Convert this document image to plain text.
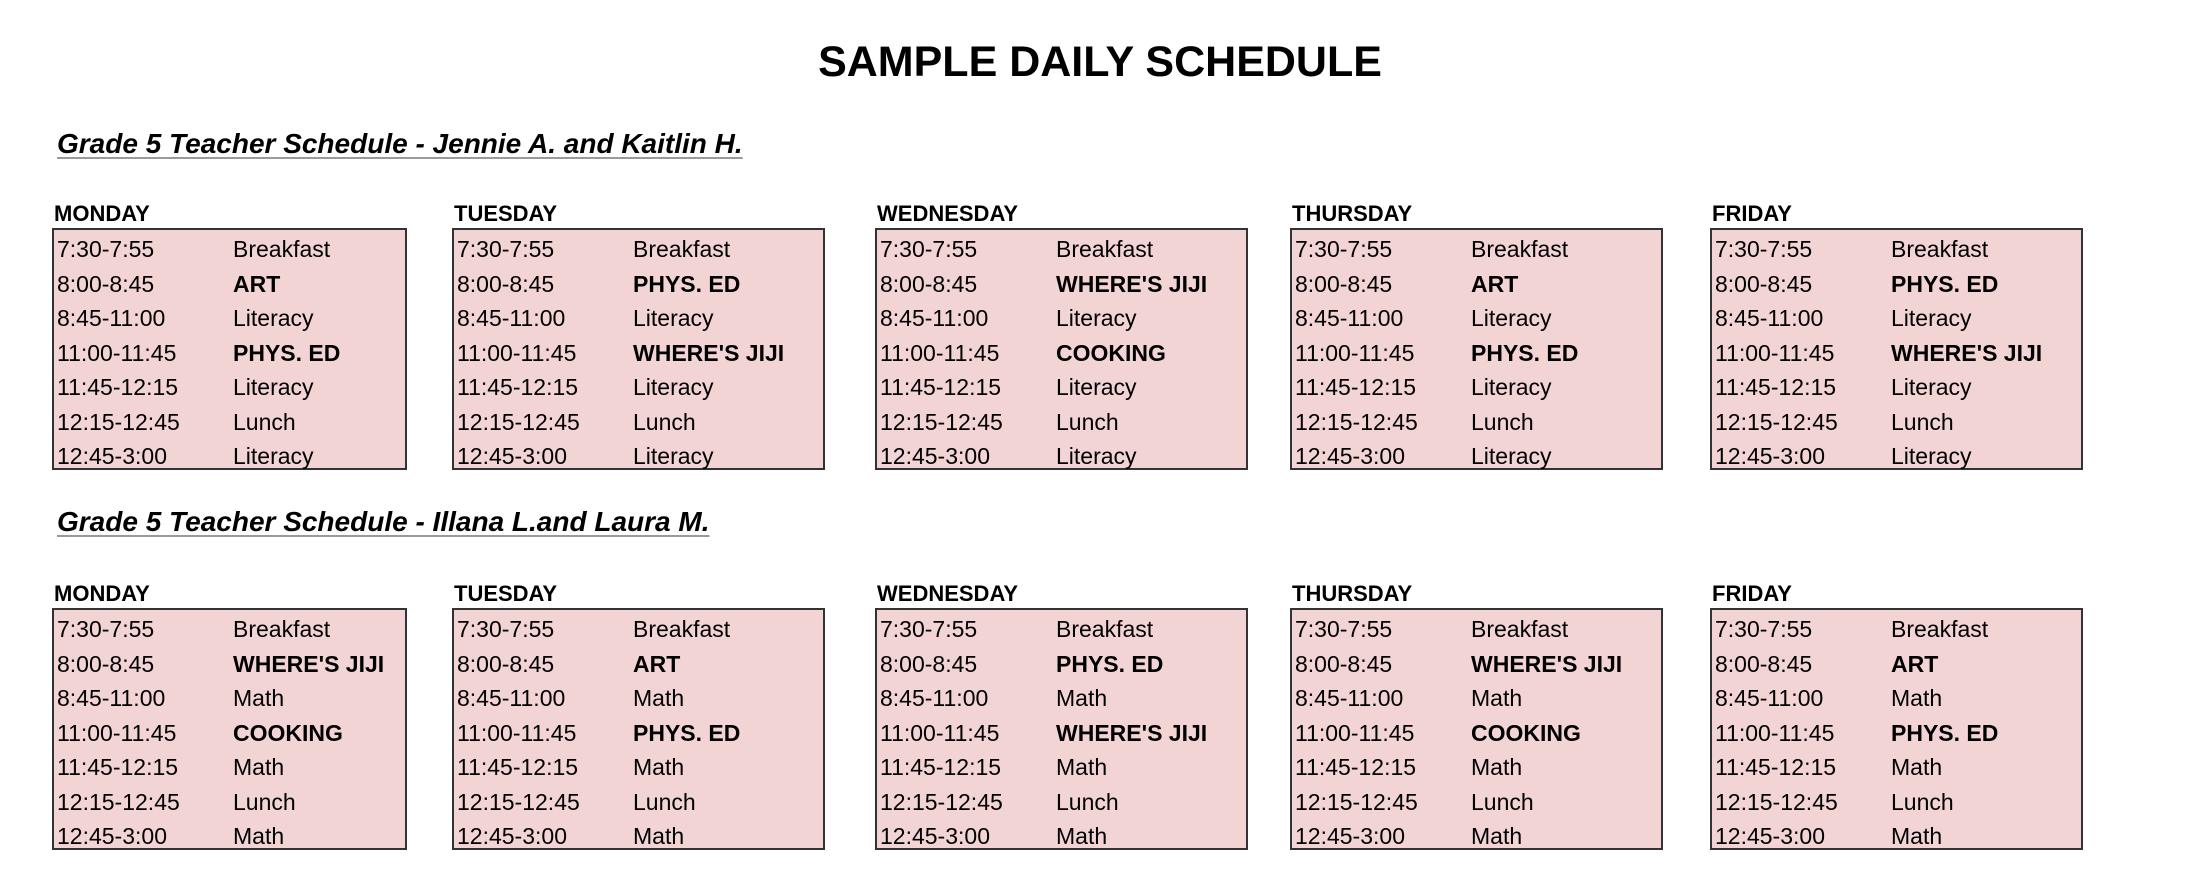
SAMPLE DAILY SCHEDULE
Grade 5 Teacher Schedule - Jennie A. and Kaitlin H.
Grade 5 Teacher Schedule - Illana L.and Laura M.
MONDAY
7:30-7:55	Breakfast
8:00-8:45	ART
8:45-11:00	Literacy
11:00-11:45	PHYS. ED
11:45-12:15	Literacy
12:15-12:45	Lunch
12:45-3:00	Literacy
TUESDAY
7:30-7:55	Breakfast
8:00-8:45	PHYS. ED
8:45-11:00	Literacy
11:00-11:45	WHERE'S JIJI
11:45-12:15	Literacy
12:15-12:45	Lunch
12:45-3:00	Literacy
WEDNESDAY
7:30-7:55	Breakfast
8:00-8:45	WHERE'S JIJI
8:45-11:00	Literacy
11:00-11:45	COOKING
11:45-12:15	Literacy
12:15-12:45	Lunch
12:45-3:00	Literacy
THURSDAY
7:30-7:55	Breakfast
8:00-8:45	ART
8:45-11:00	Literacy
11:00-11:45	PHYS. ED
11:45-12:15	Literacy
12:15-12:45	Lunch
12:45-3:00	Literacy
FRIDAY
7:30-7:55	Breakfast
8:00-8:45	PHYS. ED
8:45-11:00	Literacy
11:00-11:45	WHERE'S JIJI
11:45-12:15	Literacy
12:15-12:45	Lunch
12:45-3:00	Literacy
MONDAY
7:30-7:55	Breakfast
8:00-8:45	WHERE'S JIJI
8:45-11:00	Math
11:00-11:45	COOKING
11:45-12:15	Math
12:15-12:45	Lunch
12:45-3:00	Math
TUESDAY
7:30-7:55	Breakfast
8:00-8:45	ART
8:45-11:00	Math
11:00-11:45	PHYS. ED
11:45-12:15	Math
12:15-12:45	Lunch
12:45-3:00	Math
WEDNESDAY
7:30-7:55	Breakfast
8:00-8:45	PHYS. ED
8:45-11:00	Math
11:00-11:45	WHERE'S JIJI
11:45-12:15	Math
12:15-12:45	Lunch
12:45-3:00	Math
THURSDAY
7:30-7:55	Breakfast
8:00-8:45	WHERE'S JIJI
8:45-11:00	Math
11:00-11:45	COOKING
11:45-12:15	Math
12:15-12:45	Lunch
12:45-3:00	Math
FRIDAY
7:30-7:55	Breakfast
8:00-8:45	ART
8:45-11:00	Math
11:00-11:45	PHYS. ED
11:45-12:15	Math
12:15-12:45	Lunch
12:45-3:00	Math
